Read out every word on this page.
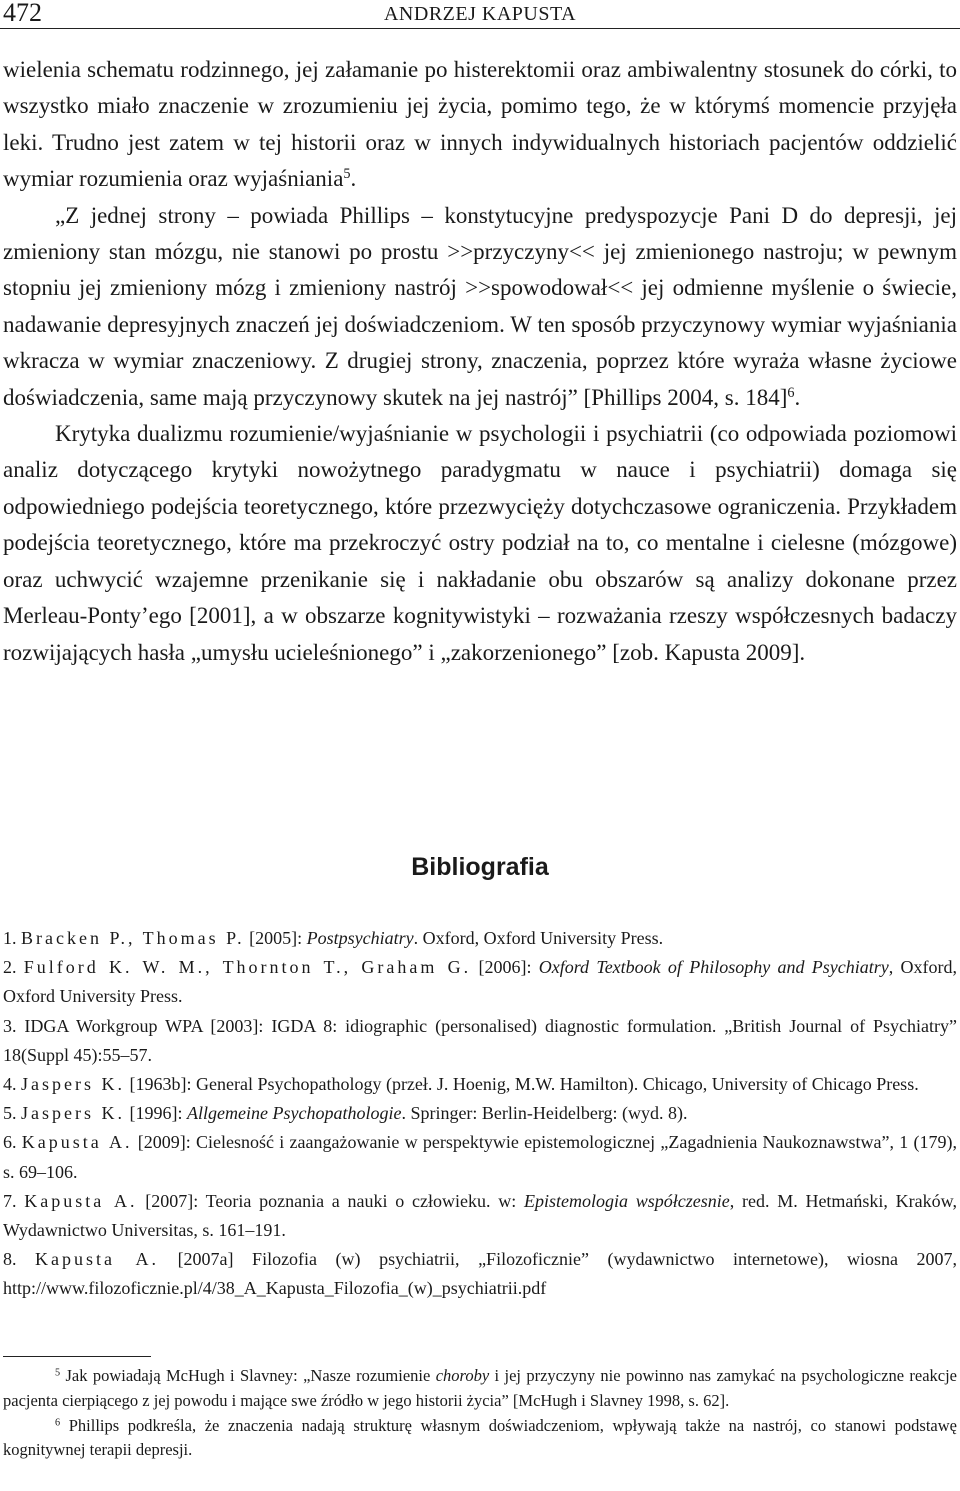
472	ANDRZEJ KAPUSTA

wielenia schematu rodzinnego, jej załamanie po histerektomii oraz ambiwalentny stosunek do córki, to wszystko miało znaczenie w zrozumieniu jej życia, pomimo tego, że w którymś momencie przyjęła leki. Trudno jest zatem w tej historii oraz w innych indywidualnych historiach pacjentów oddzielić wymiar rozumienia oraz wyjaśniania$^5$.

„Z jednej strony – powiada Phillips – konstytucyjne predyspozycje Pani D do depresji, jej zmieniony stan mózgu, nie stanowi po prostu >>przyczyny<< jej zmienionego nastroju; w pewnym stopniu jej zmieniony mózg i zmieniony nastrój >>spowodował<< jej odmienne myślenie o świecie, nadawanie depresyjnych znaczeń jej doświadczeniom. W ten sposób przyczynowy wymiar wyjaśniania wkracza w wymiar znaczeniowy. Z drugiej strony, znaczenia, poprzez które wyraża własne życiowe doświadczenia, same mają przyczynowy skutek na jej nastrój” [Phillips 2004, s. 184]$^6$.

Krytyka dualizmu rozumienie/wyjaśnianie w psychologii i psychiatrii (co odpowiada poziomowi analiz dotyczącego krytyki nowożytnego paradygmatu w nauce i psychiatrii) domaga się odpowiedniego podejścia teoretycznego, które przezwycięży dotychczasowe ograniczenia. Przykładem podejścia teoretycznego, które ma przekroczyć ostry podział na to, co mentalne i cielesne (mózgowe) oraz uchwycić wzajemne przenikanie się i nakładanie obu obszarów są analizy dokonane przez Merleau-Ponty’ego [2001], a w obszarze kognitywistyki – rozważania rzeszy współczesnych badaczy rozwijających hasła „umysłu ucieleśnionego” i „zakorzenionego” [zob. Kapusta 2009].

Bibliografia

1. Bracken P., Thomas P. [2005]: Postpsychiatry. Oxford, Oxford University Press.

2. Fulford K. W. M., Thornton T., Graham G. [2006]: Oxford Textbook of Philosophy and Psychiatry, Oxford, Oxford University Press.

3. IDGA Workgroup WPA [2003]: IGDA 8: idiographic (personalised) diagnostic formulation. „British Journal of Psychiatry” 18(Suppl 45):55–57.

4. Jaspers K. [1963b]: General Psychopathology (przeł. J. Hoenig, M.W. Hamilton). Chicago, University of Chicago Press.

5. Jaspers K. [1996]: Allgemeine Psychopathologie. Springer: Berlin-Heidelberg: (wyd. 8).

6. Kapusta A. [2009]: Cielesność i zaangażowanie w perspektywie epistemologicznej „Zagadnienia Naukoznawstwa”, 1 (179), s. 69–106.

7. Kapusta A. [2007]: Teoria poznania a nauki o człowieku. w: Epistemologia współczesnie, red. M. Hetmański, Kraków, Wydawnictwo Universitas, s. 161–191.

8. Kapusta A. [2007a] Filozofia (w) psychiatrii, „Filozoficznie” (wydawnictwo internetowe), wiosna 2007, http://www.filozoficznie.pl/4/38_A_Kapusta_Filozofia_(w)_psychiatrii.pdf

$^5$ Jak powiadają McHugh i Slavney: „Nasze rozumienie choroby i jej przyczyny nie powinno nas zamykać na psychologiczne reakcje pacjenta cierpiącego z jej powodu i mające swe źródło w jego historii życia” [McHugh i Slavney 1998, s. 62].

$^6$ Phillips podkreśla, że znaczenia nadają strukturę własnym doświadczeniom, wpływają także na nastrój, co stanowi podstawę kognitywnej terapii depresji.
